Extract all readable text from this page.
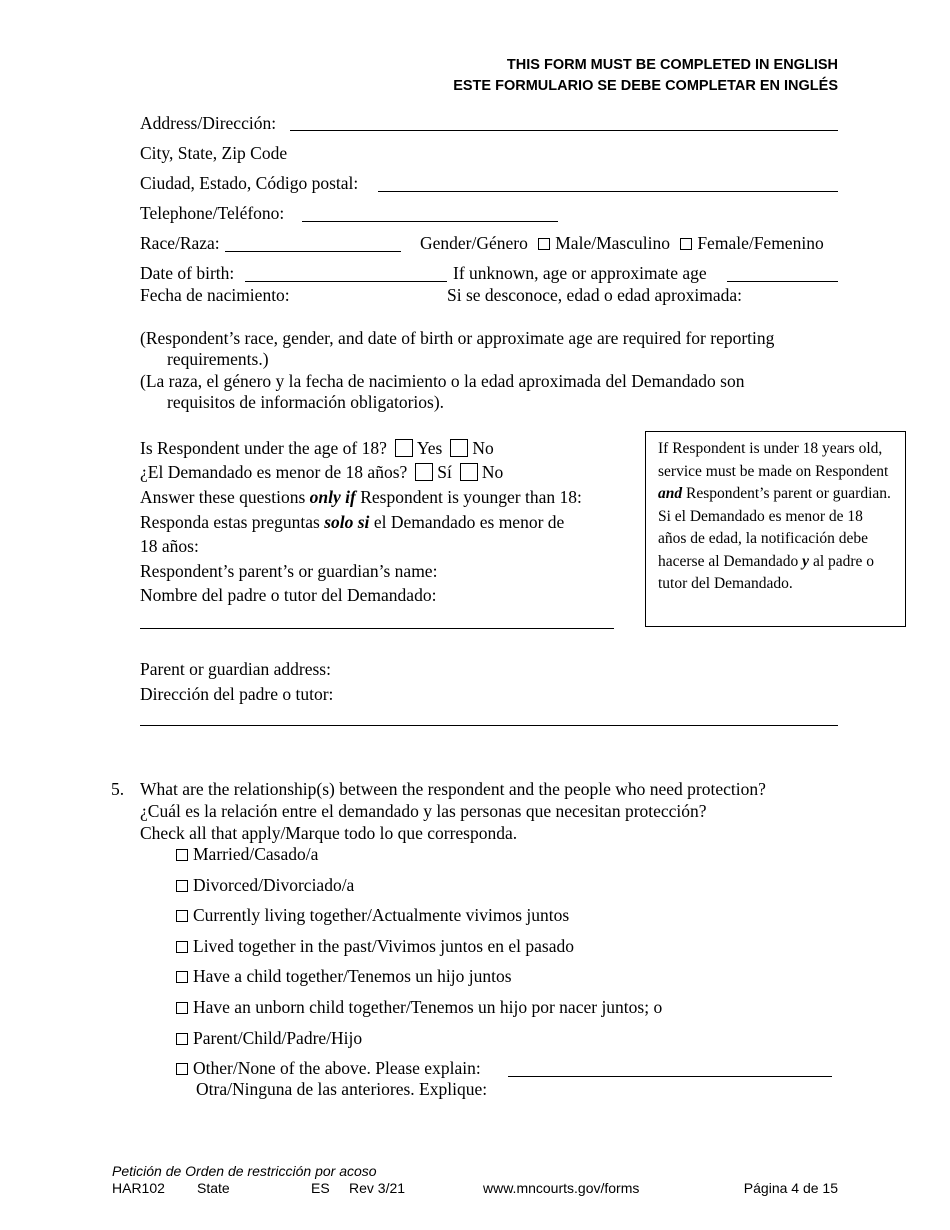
THIS FORM MUST BE COMPLETED IN ENGLISH
ESTE FORMULARIO SE DEBE COMPLETAR EN INGLÉS
Address/Dirección:
City, State, Zip Code
Ciudad, Estado, Código postal:
Telephone/Teléfono:
Race/Raza:	Gender/Género Male/Masculino Female/Femenino
Date of birth:	If unknown, age or approximate age
Fecha de nacimiento:	Si se desconoce, edad o edad aproximada:
(Respondent’s race, gender, and date of birth or approximate age are required for reporting
requirements.)
(La raza, el género y la fecha de nacimiento o la edad aproximada del Demandado son
requisitos de información obligatorios).
Is Respondent under the age of 18? Yes No
¿El Demandado es menor de 18 años? Sí No
Answer these questions only if Respondent is younger than 18:
Responda estas preguntas solo si el Demandado es menor de
18 años:
Respondent’s parent’s or guardian’s name:
Nombre del padre o tutor del Demandado:
If Respondent is under 18 years old, service must be made on Respondent and Respondent’s parent or guardian.
Si el Demandado es menor de 18 años de edad, la notificación debe hacerse al Demandado y al padre o tutor del Demandado.
Parent or guardian address:
Dirección del padre o tutor:
5. What are the relationship(s) between the respondent and the people who need protection?
¿Cuál es la relación entre el demandado y las personas que necesitan protección?
Check all that apply/Marque todo lo que corresponda.
Married/Casado/a
Divorced/Divorciado/a
Currently living together/Actualmente vivimos juntos
Lived together in the past/Vivimos juntos en el pasado
Have a child together/Tenemos un hijo juntos
Have an unborn child together/Tenemos un hijo por nacer juntos; o
Parent/Child/Padre/Hijo
Other/None of the above. Please explain:
Otra/Ninguna de las anteriores. Explique:
Petición de Orden de restricción por acoso
HAR102 State	ES Rev 3/21	www.mncourts.gov/forms	Página 4 de 15
